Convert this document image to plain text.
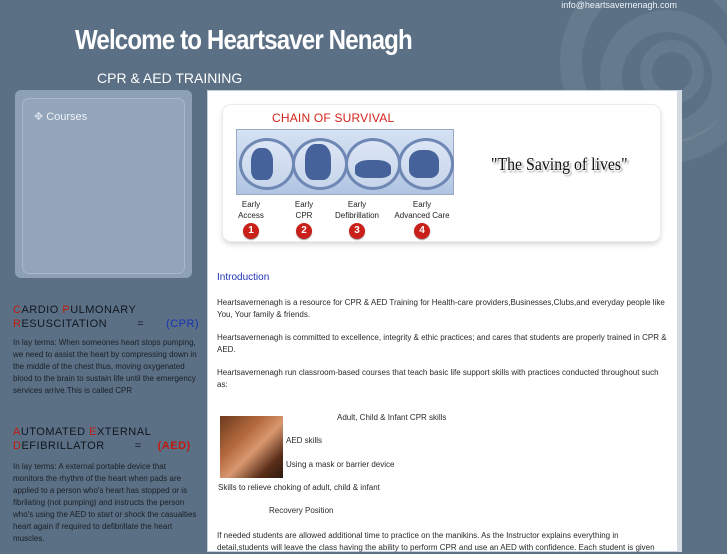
info@heartsavernenagh.com
Welcome to Heartsaver Nenagh
CPR & AED TRAINING
✥ Courses
CARDIO PULMONARY
RESUSCITATION	= (CPR)
In lay terms: When someones heart stops pumping, we need to assist the heart by compressing down in the middle of the chest thus, moving oxygenated blood to the brain to sustain life until the emergency services arrive.This is called CPR
AUTOMATED EXTERNAL
DEFIBRILLATOR	= (AED)
In lay terms: A external portable device that monitors the rhythm of the heart when pads are applied to a person who's heart has stopped or is fibrilating (not pumping) and instructs the person who's using the AED to start or shock the casualties heart again if required to defibrillate the heart muscles.
CHAIN OF SURVIVAL
Early
Access
Early
CPR
Early
Defibrillation
Early
Advanced Care
1	2	3	4
"The Saving of lives"
Introduction
Heartsavernenagh is a resource for CPR & AED Training for Health-care providers,Businesses,Clubs,and everyday people like You, Your family & friends.
Heartsavernenagh is committed to excellence, integrity & ethic practices; and cares that students are properly trained in CPR & AED.
Heartsavernenagh run classroom-based courses that teach basic life support skills with practices conducted throughout such as:
Adult, Child & Infant CPR skills
AED skills
Using a mask or barrier device
Skills to relieve choking of adult, child & infant
Recovery Position
If needed students are allowed additional time to practice on the manikins. As the Instructor explains everything in detail,students will leave the class having the ability to perform CPR and use an AED with confidence. Each student is given
